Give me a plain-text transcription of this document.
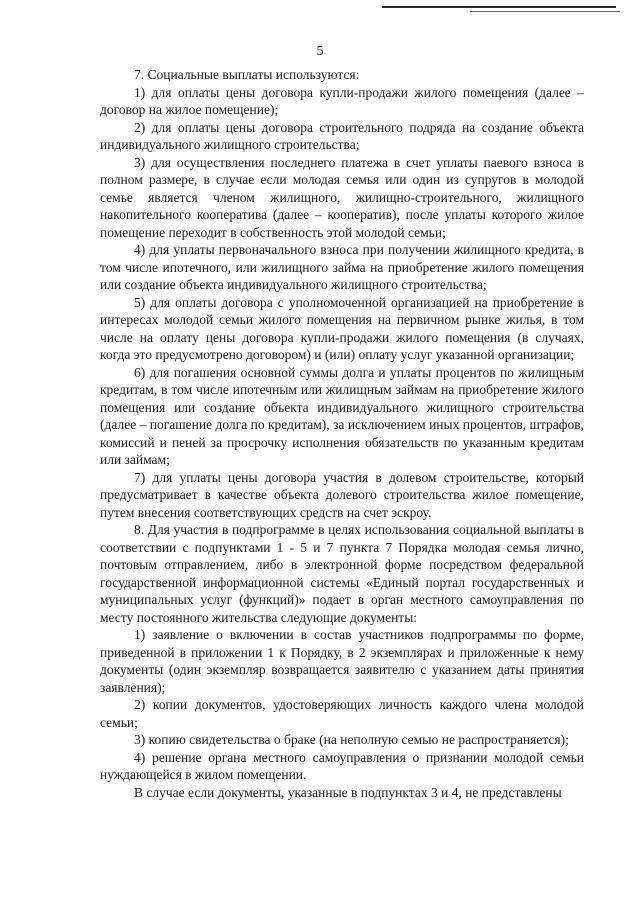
5

7. Социальные выплаты используются:

1) для оплаты цены договора купли-продажи жилого помещения (далее – договор на жилое помещение);

2) для оплаты цены договора строительного подряда на создание объекта индивидуального жилищного строительства;

3) для осуществления последнего платежа в счет уплаты паевого взноса в полном размере, в случае если молодая семья или один из супругов в молодой семье является членом жилищного, жилищно-строительного, жилищного накопительного кооператива (далее – кооператив), после уплаты которого жилое помещение переходит в собственность этой молодой семьи;

4) для уплаты первоначального взноса при получении жилищного кредита, в том числе ипотечного, или жилищного займа на приобретение жилого помещения или создание объекта индивидуального жилищного строительства;

5) для оплаты договора с уполномоченной организацией на приобретение в интересах молодой семьи жилого помещения на первичном рынке жилья, в том числе на оплату цены договора купли-продажи жилого помещения (в случаях, когда это предусмотрено договором) и (или) оплату услуг указанной организации;

6) для погашения основной суммы долга и уплаты процентов по жилищным кредитам, в том числе ипотечным или жилищным займам на приобретение жилого помещения или создание объекта индивидуального жилищного строительства (далее – погашение долга по кредитам), за исключением иных процентов, штрафов, комиссий и пеней за просрочку исполнения обязательств по указанным кредитам или займам;

7) для уплаты цены договора участия в долевом строительстве, который предусматривает в качестве объекта долевого строительства жилое помещение, путем внесения соответствующих средств на счет эскроу.

8. Для участия в подпрограмме в целях использования социальной выплаты в соответствии с подпунктами 1 - 5 и 7 пункта 7 Порядка молодая семья лично, почтовым отправлением, либо в электронной форме посредством федеральной государственной информационной системы «Единый портал государственных и муниципальных услуг (функций)» подает в орган местного самоуправления по месту постоянного жительства следующие документы:

1) заявление о включении в состав участников подпрограммы по форме, приведенной в приложении 1 к Порядку, в 2 экземплярах и приложенные к нему документы (один экземпляр возвращается заявителю с указанием даты принятия заявления);

2) копии документов, удостоверяющих личность каждого члена молодой семьи;

3) копию свидетельства о браке (на неполную семью не распространяется);

4) решение органа местного самоуправления о признании молодой семьи нуждающейся в жилом помещении.

В случае если документы, указанные в подпунктах 3 и 4, не представлены
